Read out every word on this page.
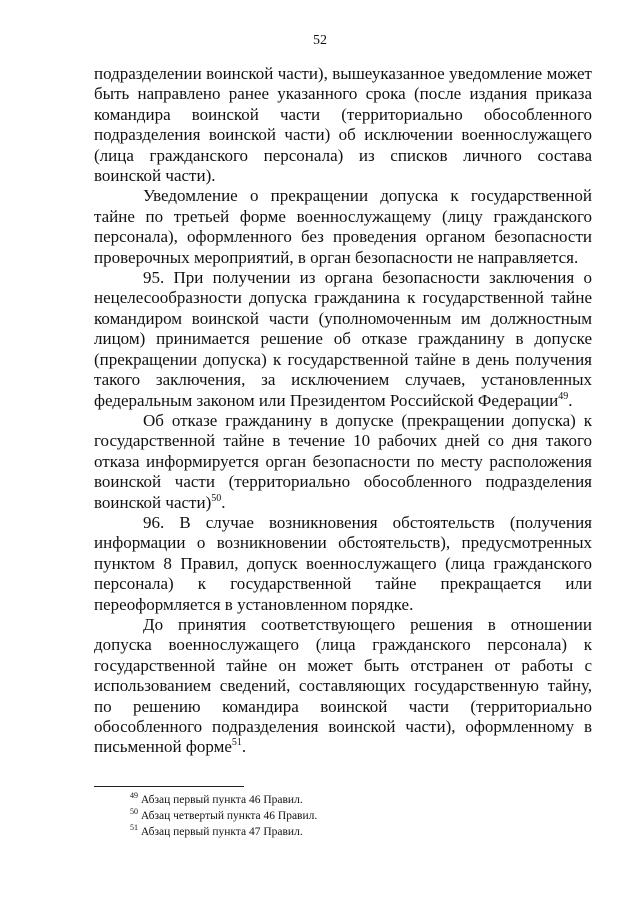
52

подразделении воинской части), вышеуказанное уведомление может быть направлено ранее указанного срока (после издания приказа командира воинской части (территориально обособленного подразделения воинской части) об исключении военнослужащего (лица гражданского персонала) из списков личного состава воинской части).

Уведомление о прекращении допуска к государственной тайне по третьей форме военнослужащему (лицу гражданского персонала), оформленного без проведения органом безопасности проверочных мероприятий, в орган безопасности не направляется.

95. При получении из органа безопасности заключения о нецелесообразности допуска гражданина к государственной тайне командиром воинской части (уполномоченным им должностным лицом) принимается решение об отказе гражданину в допуске (прекращении допуска) к государственной тайне в день получения такого заключения, за исключением случаев, установленных федеральным законом или Президентом Российской Федерации$^{49}$.

Об отказе гражданину в допуске (прекращении допуска) к государственной тайне в течение 10 рабочих дней со дня такого отказа информируется орган безопасности по месту расположения воинской части (территориально обособленного подразделения воинской части)$^{50}$.

96. В случае возникновения обстоятельств (получения информации о возникновении обстоятельств), предусмотренных пунктом 8 Правил, допуск военнослужащего (лица гражданского персонала) к государственной тайне прекращается или переоформляется в установленном порядке.

До принятия соответствующего решения в отношении допуска военнослужащего (лица гражданского персонала) к государственной тайне он может быть отстранен от работы с использованием сведений, составляющих государственную тайну, по решению командира воинской части (территориально обособленного подразделения воинской части), оформленному в письменной форме$^{51}$.

$^{49}$ Абзац первый пункта 46 Правил.
$^{50}$ Абзац четвертый пункта 46 Правил.
$^{51}$ Абзац первый пункта 47 Правил.
